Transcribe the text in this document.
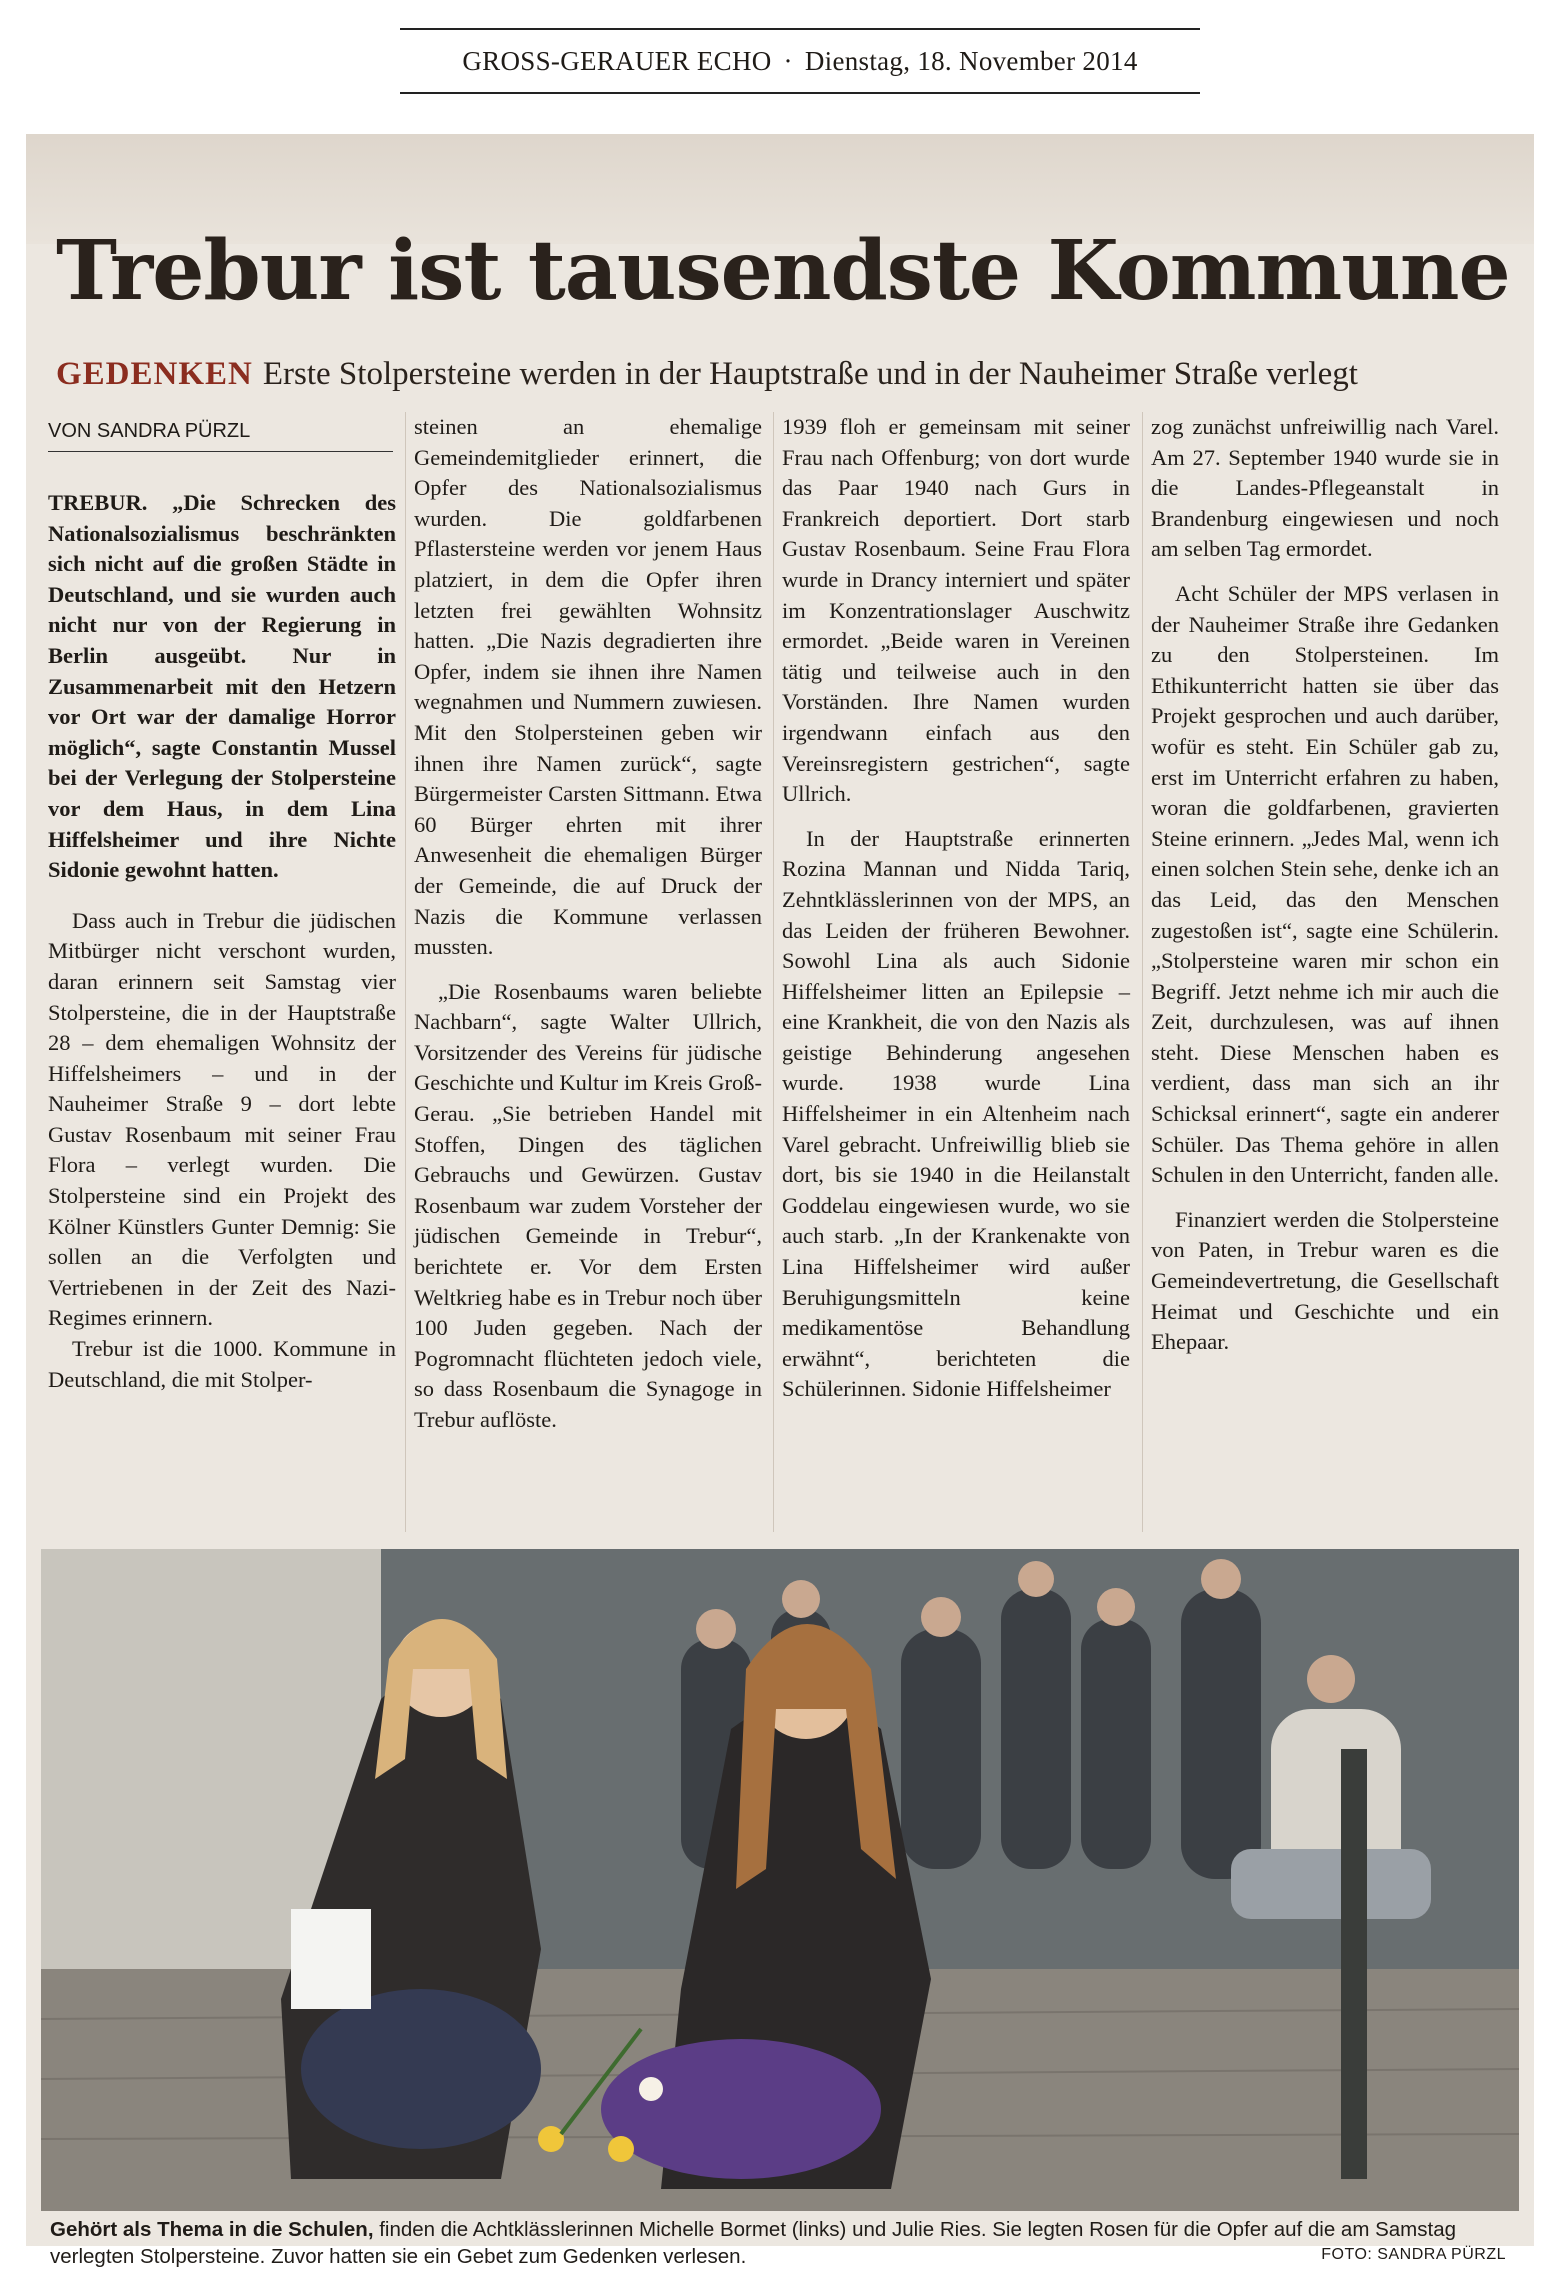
GROSS-GERAUER ECHO · Dienstag, 18. November 2014
Trebur ist tausendste Kommune
GEDENKEN Erste Stolpersteine werden in der Hauptstraße und in der Nauheimer Straße verlegt
VON SANDRA PÜRZL

TREBUR. „Die Schrecken des Nationalsozialismus beschränkten sich nicht auf die großen Städte in Deutschland, und sie wurden auch nicht nur von der Regierung in Berlin ausgeübt. Nur in Zusammenarbeit mit den Hetzern vor Ort war der damalige Horror möglich“, sagte Constantin Mussel bei der Verlegung der Stolpersteine vor dem Haus, in dem Lina Hiffelsheimer und ihre Nichte Sidonie gewohnt hatten.

Dass auch in Trebur die jüdischen Mitbürger nicht verschont wurden, daran erinnern seit Samstag vier Stolpersteine, die in der Hauptstraße 28 – dem ehemaligen Wohnsitz der Hiffelsheimers – und in der Nauheimer Straße 9 – dort lebte Gustav Rosenbaum mit seiner Frau Flora – verlegt wurden. Die Stolpersteine sind ein Projekt des Kölner Künstlers Gunter Demnig: Sie sollen an die Verfolgten und Vertriebenen in der Zeit des Nazi-Regimes erinnern.

Trebur ist die 1000. Kommune in Deutschland, die mit Stolper-

steinen an ehemalige Gemeindemitglieder erinnert, die Opfer des Nationalsozialismus wurden. Die goldfarbenen Pflastersteine werden vor jenem Haus platziert, in dem die Opfer ihren letzten frei gewählten Wohnsitz hatten. „Die Nazis degradierten ihre Opfer, indem sie ihnen ihre Namen wegnahmen und Nummern zuwiesen. Mit den Stolpersteinen geben wir ihnen ihre Namen zurück“, sagte Bürgermeister Carsten Sittmann. Etwa 60 Bürger ehrten mit ihrer Anwesenheit die ehemaligen Bürger der Gemeinde, die auf Druck der Nazis die Kommune verlassen mussten.

„Die Rosenbaums waren beliebte Nachbarn“, sagte Walter Ullrich, Vorsitzender des Vereins für jüdische Geschichte und Kultur im Kreis Groß-Gerau. „Sie betrieben Handel mit Stoffen, Dingen des täglichen Gebrauchs und Gewürzen. Gustav Rosenbaum war zudem Vorsteher der jüdischen Gemeinde in Trebur“, berichtete er. Vor dem Ersten Weltkrieg habe es in Trebur noch über 100 Juden gegeben. Nach der Pogromnacht flüchteten jedoch viele, so dass Rosenbaum die Synagoge in Trebur auflöste.

1939 floh er gemeinsam mit seiner Frau nach Offenburg; von dort wurde das Paar 1940 nach Gurs in Frankreich deportiert. Dort starb Gustav Rosenbaum. Seine Frau Flora wurde in Drancy interniert und später im Konzentrationslager Auschwitz ermordet. „Beide waren in Vereinen tätig und teilweise auch in den Vorständen. Ihre Namen wurden irgendwann einfach aus den Vereinsregistern gestrichen“, sagte Ullrich.

In der Hauptstraße erinnerten Rozina Mannan und Nidda Tariq, Zehntklässlerinnen von der MPS, an das Leiden der früheren Bewohner. Sowohl Lina als auch Sidonie Hiffelsheimer litten an Epilepsie – eine Krankheit, die von den Nazis als geistige Behinderung angesehen wurde. 1938 wurde Lina Hiffelsheimer in ein Altenheim nach Varel gebracht. Unfreiwillig blieb sie dort, bis sie 1940 in die Heilanstalt Goddelau eingewiesen wurde, wo sie auch starb. „In der Krankenakte von Lina Hiffelsheimer wird außer Beruhigungsmitteln keine medikamentöse Behandlung erwähnt“, berichteten die Schülerinnen. Sidonie Hiffelsheimer

zog zunächst unfreiwillig nach Varel. Am 27. September 1940 wurde sie in die Landes-Pflegeanstalt in Brandenburg eingewiesen und noch am selben Tag ermordet.

Acht Schüler der MPS verlasen in der Nauheimer Straße ihre Gedanken zu den Stolpersteinen. Im Ethikunterricht hatten sie über das Projekt gesprochen und auch darüber, wofür es steht. Ein Schüler gab zu, erst im Unterricht erfahren zu haben, woran die goldfarbenen, gravierten Steine erinnern. „Jedes Mal, wenn ich einen solchen Stein sehe, denke ich an das Leid, das den Menschen zugestoßen ist“, sagte eine Schülerin. „Stolpersteine waren mir schon ein Begriff. Jetzt nehme ich mir auch die Zeit, durchzulesen, was auf ihnen steht. Diese Menschen haben es verdient, dass man sich an ihr Schicksal erinnert“, sagte ein anderer Schüler. Das Thema gehöre in allen Schulen in den Unterricht, fanden alle.

Finanziert werden die Stolpersteine von Paten, in Trebur waren es die Gemeindevertretung, die Gesellschaft Heimat und Geschichte und ein Ehepaar.

Gehört als Thema in die Schulen, finden die Achtklässlerinnen Michelle Bormet (links) und Julie Ries. Sie legten Rosen für die Opfer auf die am Samstag verlegten Stolpersteine. Zuvor hatten sie ein Gebet zum Gedenken verlesen.	FOTO: SANDRA PÜRZL
